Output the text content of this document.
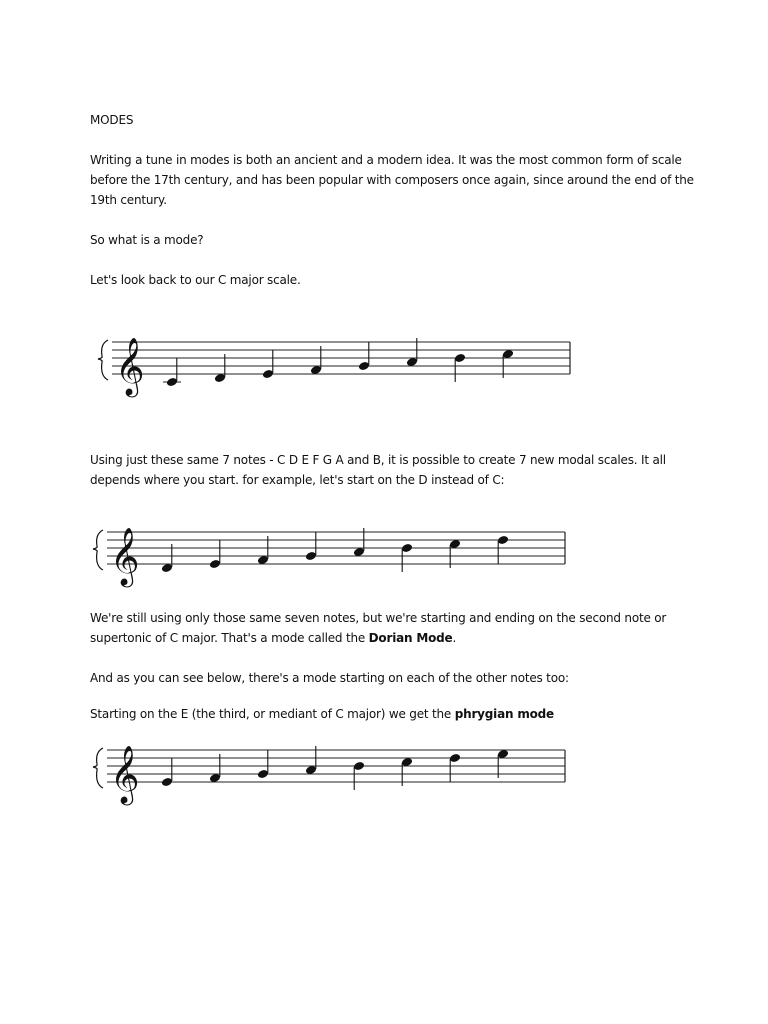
MODES

Writing a tune in modes is both an ancient and a modern idea. It was the most common form of scale before the 17th century, and has been popular with composers once again, since around the end of the 19th century.

So what is a mode?

Let's look back to our C major scale.

𝄞

Using just these same 7 notes - C D E F G A and B, it is possible to create 7 new modal scales. It all depends where you start. for example, let's start on the D instead of C:

𝄞

We're still using only those same seven notes, but we're starting and ending on the second note or supertonic of C major. That's a mode called the Dorian Mode.

And as you can see below, there's a mode starting on each of the other notes too:

Starting on the E (the third, or mediant of C major) we get the phrygian mode

𝄞
